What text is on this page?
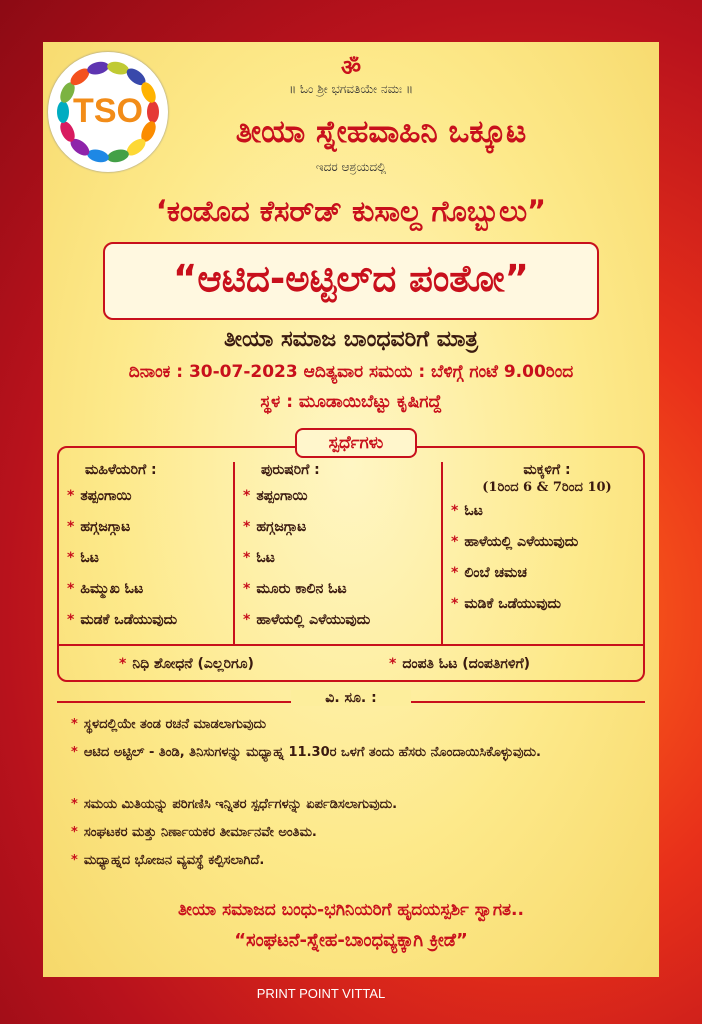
TSO
ॐ
॥ ಓಂ ಶ್ರೀ ಭಗವತಿಯೇ ನಮಃ ॥
ತೀಯಾ ಸ್ನೇಹವಾಹಿನಿ ಒಕ್ಕೂಟ
ಇದರ ಆಶ್ರಯದಲ್ಲಿ
‘ಕಂಡೊದ ಕೆಸರ್‌ಡ್ ಕುಸಾಲ್ದ ಗೊಬ್ಬುಲು”
“ಆಟಿದ-ಅಟ್ಟಿಲ್‌ದ ಪಂತೋ”
ತೀಯಾ ಸಮಾಜ ಬಾಂಧವರಿಗೆ ಮಾತ್ರ
ದಿನಾಂಕ : 30-07-2023 ಆದಿತ್ಯವಾರ ಸಮಯ : ಬೆಳಿಗ್ಗೆ ಗಂಟೆ 9.00ರಿಂದ
ಸ್ಥಳ : ಮೂಡಾಯಿಬೆಟ್ಟು ಕೃಷಿಗದ್ದೆ
ಮಹಿಳೆಯರಿಗೆ :
* ತಪ್ಪಂಗಾಯಿ
* ಹಗ್ಗಜಗ್ಗಾಟ
* ಓಟ
* ಹಿಮ್ಮುಖ ಓಟ
* ಮಡಕೆ ಒಡೆಯುವುದು
ಪುರುಷರಿಗೆ :
* ತಪ್ಪಂಗಾಯಿ
* ಹಗ್ಗಜಗ್ಗಾಟ
* ಓಟ
* ಮೂರು ಕಾಲಿನ ಓಟ
* ಹಾಳೆಯಲ್ಲಿ ಎಳೆಯುವುದು
ಮಕ್ಕಳಿಗೆ :
(1ರಿಂದ 6 & 7ರಿಂದ 10)
* ಓಟ
* ಹಾಳೆಯಲ್ಲಿ ಎಳೆಯುವುದು
* ಲಿಂಬೆ ಚಮಚ
* ಮಡಿಕೆ ಒಡೆಯುವುದು
* ನಿಧಿ ಶೋಧನೆ (ಎಲ್ಲರಿಗೂ)	* ದಂಪತಿ ಓಟ (ದಂಪತಿಗಳಿಗೆ)
ಸ್ಪರ್ಧೆಗಳು
ವಿ. ಸೂ. :
* ಸ್ಥಳದಲ್ಲಿಯೇ ತಂಡ ರಚನೆ ಮಾಡಲಾಗುವುದು
* ಆಟಿದ ಅಟ್ಟಿಲ್ - ತಿಂಡಿ, ತಿನಿಸುಗಳನ್ನು ಮಧ್ಯಾಹ್ನ 11.30ರ ಒಳಗೆ ತಂದು ಹೆಸರು ನೊಂದಾಯಿಸಿಕೊಳ್ಳುವುದು.
* ಸಮಯ ಮಿತಿಯನ್ನು ಪರಿಗಣಿಸಿ ಇನ್ನಿತರ ಸ್ಪರ್ಧೆಗಳನ್ನು ಏರ್ಪಡಿಸಲಾಗುವುದು.
* ಸಂಘಟಕರ ಮತ್ತು ನಿರ್ಣಾಯಕರ ತೀರ್ಮಾನವೇ ಅಂತಿಮ.
* ಮಧ್ಯಾಹ್ನದ ಭೋಜನ ವ್ಯವಸ್ಥೆ ಕಲ್ಪಿಸಲಾಗಿದೆ.
ತೀಯಾ ಸಮಾಜದ ಬಂಧು-ಭಗಿನಿಯರಿಗೆ ಹೃದಯಸ್ಪರ್ಶಿ ಸ್ವಾಗತ..
“ಸಂಘಟನೆ-ಸ್ನೇಹ-ಬಾಂಧವ್ಯಕ್ಕಾಗಿ ಕ್ರೀಡೆ”
PRINT POINT VITTAL
